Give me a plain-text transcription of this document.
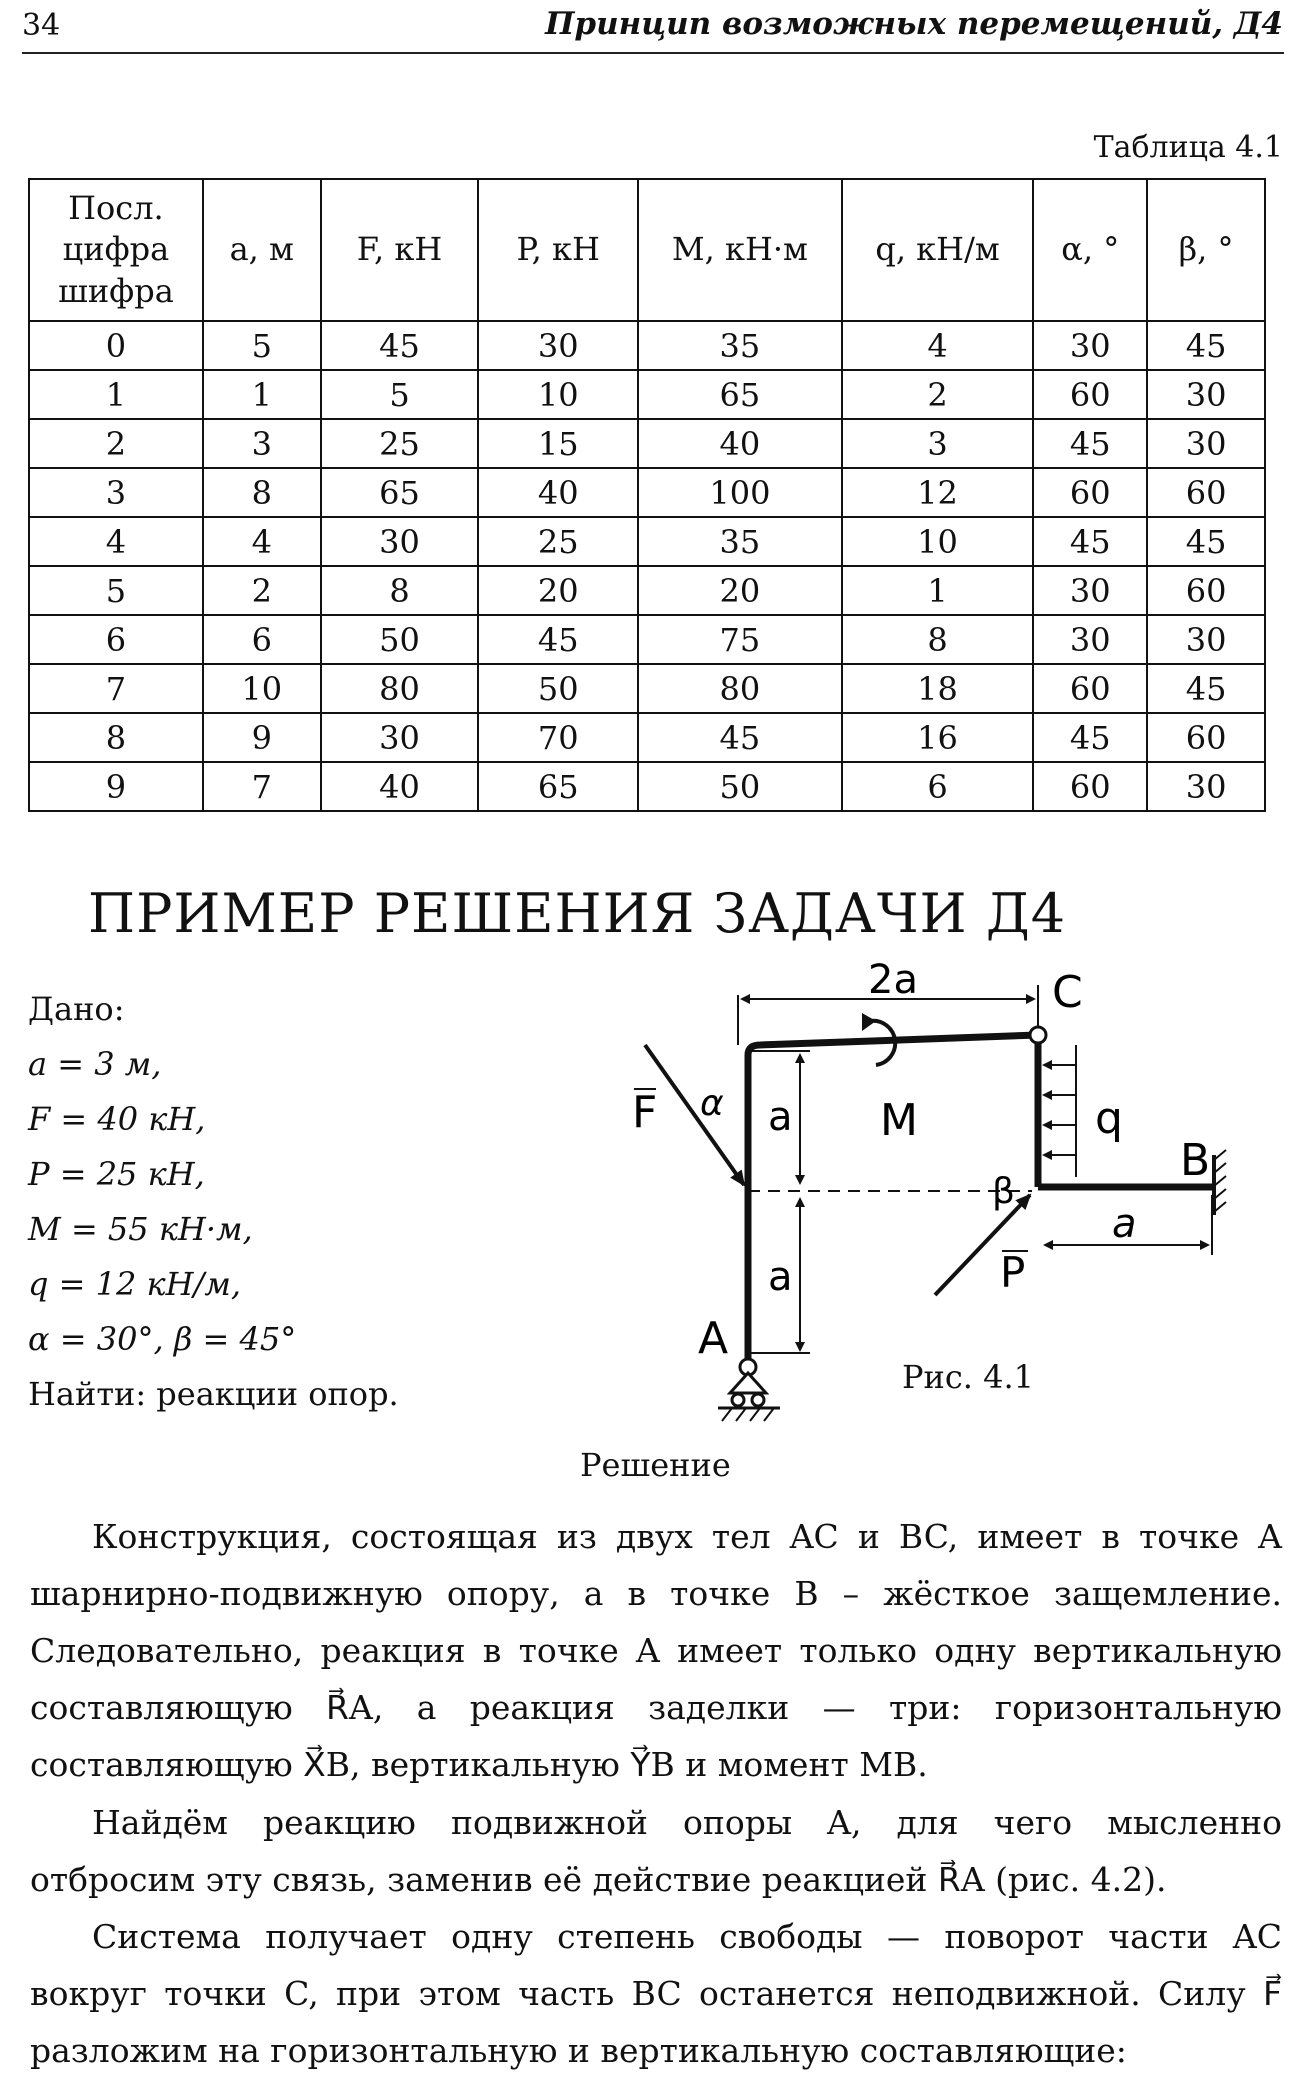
34	Принцип возможных перемещений, Д4
Таблица 4.1
Посл. цифра шифра	a, м	F, кН	P, кН	M, кН·м	q, кН/м	α, °	β, °
0	5	45	30	35	4	30	45
1	1	5	10	65	2	60	30
2	3	25	15	40	3	45	30
3	8	65	40	100	12	60	60
4	4	30	25	35	10	45	45
5	2	8	20	20	1	30	60
6	6	50	45	75	8	30	30
7	10	80	50	80	18	60	45
8	9	30	70	45	16	45	60
9	7	40	65	50	6	60	30
ПРИМЕР РЕШЕНИЯ ЗАДАЧИ Д4
Дано:
a = 3 м,
F = 40 кН,
P = 25 кН,
M = 55 кН·м,
q = 12 кН/м,
α = 30°, β = 45°
Найти: реакции опор.
2a	C
q
B
a
P
β
F α a
a
M
A
Рис. 4.1
Решение
Конструкция, состоящая из двух тел AC и BC, имеет в точке A шарнирно-подвижную опору, а в точке B – жёсткое защемление. Следовательно, реакция в точке A имеет только одну вертикальную составляющую R⃗A, а реакция заделки — три: горизонтальную составляющую X⃗B, вертикальную Y⃗B и момент MB.
Найдём реакцию подвижной опоры A, для чего мысленно отбросим эту связь, заменив её действие реакцией R⃗A (рис. 4.2).
Система получает одну степень свободы — поворот части AC вокруг точки C, при этом часть BC останется неподвижной. Силу F⃗ разложим на горизонтальную и вертикальную составляющие:
